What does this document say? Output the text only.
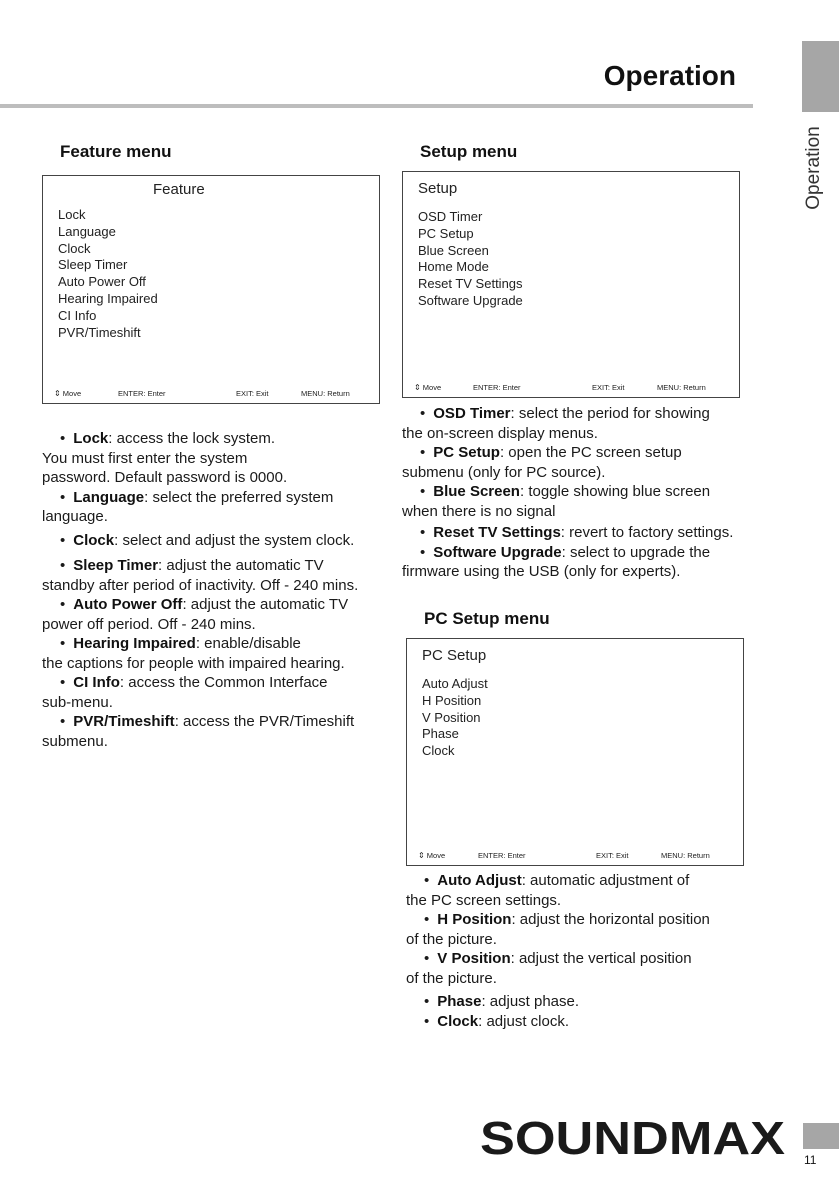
Operation
Operation
Feature menu
Feature
Lock
Language
Clock
Sleep Timer
Auto Power Off
Hearing Impaired
CI Info
PVR/Timeshift
⇕ Move	ENTER: Enter	EXIT: Exit	MENU: Return

• Lock: access the lock system.

You must first enter the system

password. Default password is 0000.

• Language: select the preferred system

language.

• Clock: select and adjust the system clock.

• Sleep Timer: adjust the automatic TV

standby after period of inactivity. Off - 240 mins.

• Auto Power Off: adjust the automatic TV

power off period. Off - 240 mins.

• Hearing Impaired: enable/disable

the captions for people with impaired hearing.

• CI Info: access the Common Interface

sub-menu.

• PVR/Timeshift: access the PVR/Timeshift

submenu.

Setup menu
Setup
OSD Timer
PC Setup
Blue Screen
Home Mode
Reset TV Settings
Software Upgrade
⇕ Move	ENTER: Enter	EXIT: Exit	MENU: Return

• OSD Timer: select the period for showing

the on-screen display menus.

• PC Setup: open the PC screen setup

submenu (only for PC source).

• Blue Screen: toggle showing blue screen

when there is no signal

• Reset TV Settings: revert to factory settings.

• Software Upgrade: select to upgrade the

firmware using the USB (only for experts).

PC Setup menu
PC Setup
Auto Adjust
H Position
V Position
Phase
Clock
⇕ Move	ENTER: Enter	EXIT: Exit	MENU: Return

• Auto Adjust: automatic adjustment of

the PC screen settings.

• H Position: adjust the horizontal position

of the picture.

• V Position: adjust the vertical position

of the picture.

• Phase: adjust phase.

• Clock: adjust clock.

SOUNDMAX 11
